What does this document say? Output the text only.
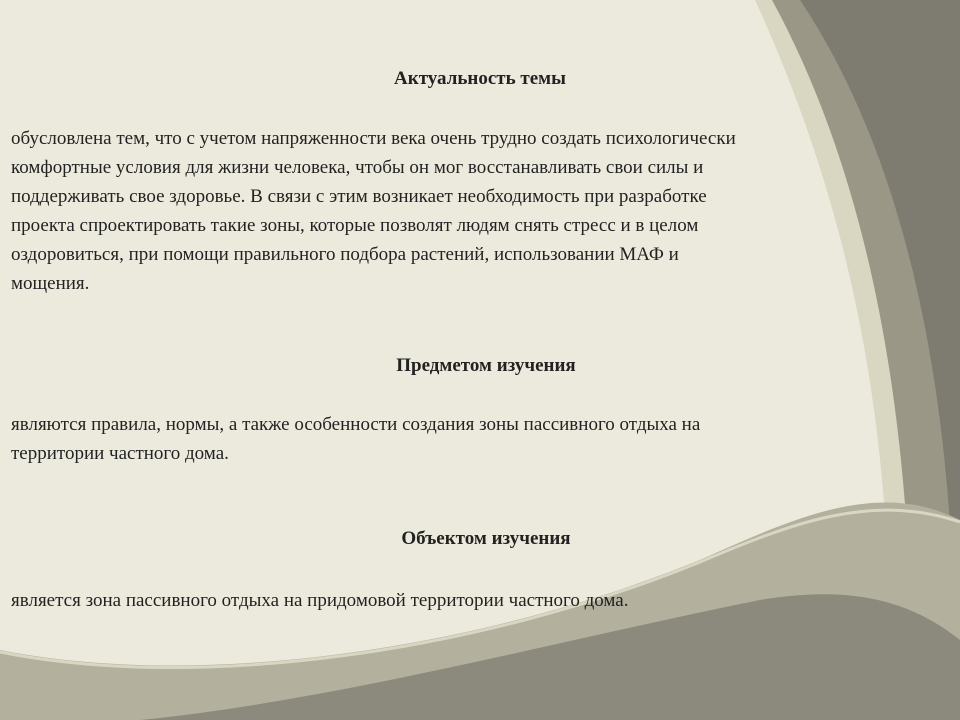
Актуальность темы
обусловлена тем, что с учетом напряженности века очень трудно создать психологически
комфортные условия для жизни человека, чтобы он мог восстанавливать свои силы и
поддерживать свое здоровье. В связи с этим возникает необходимость при разработке
проекта спроектировать такие зоны, которые позволят людям снять стресс и в целом
оздоровиться, при помощи правильного подбора растений, использовании МАФ и
мощения.
Предметом изучения
являются правила, нормы, а также особенности создания зоны пассивного отдыха на
территории частного дома.
Объектом изучения
является зона пассивного отдыха на придомовой территории частного дома.
